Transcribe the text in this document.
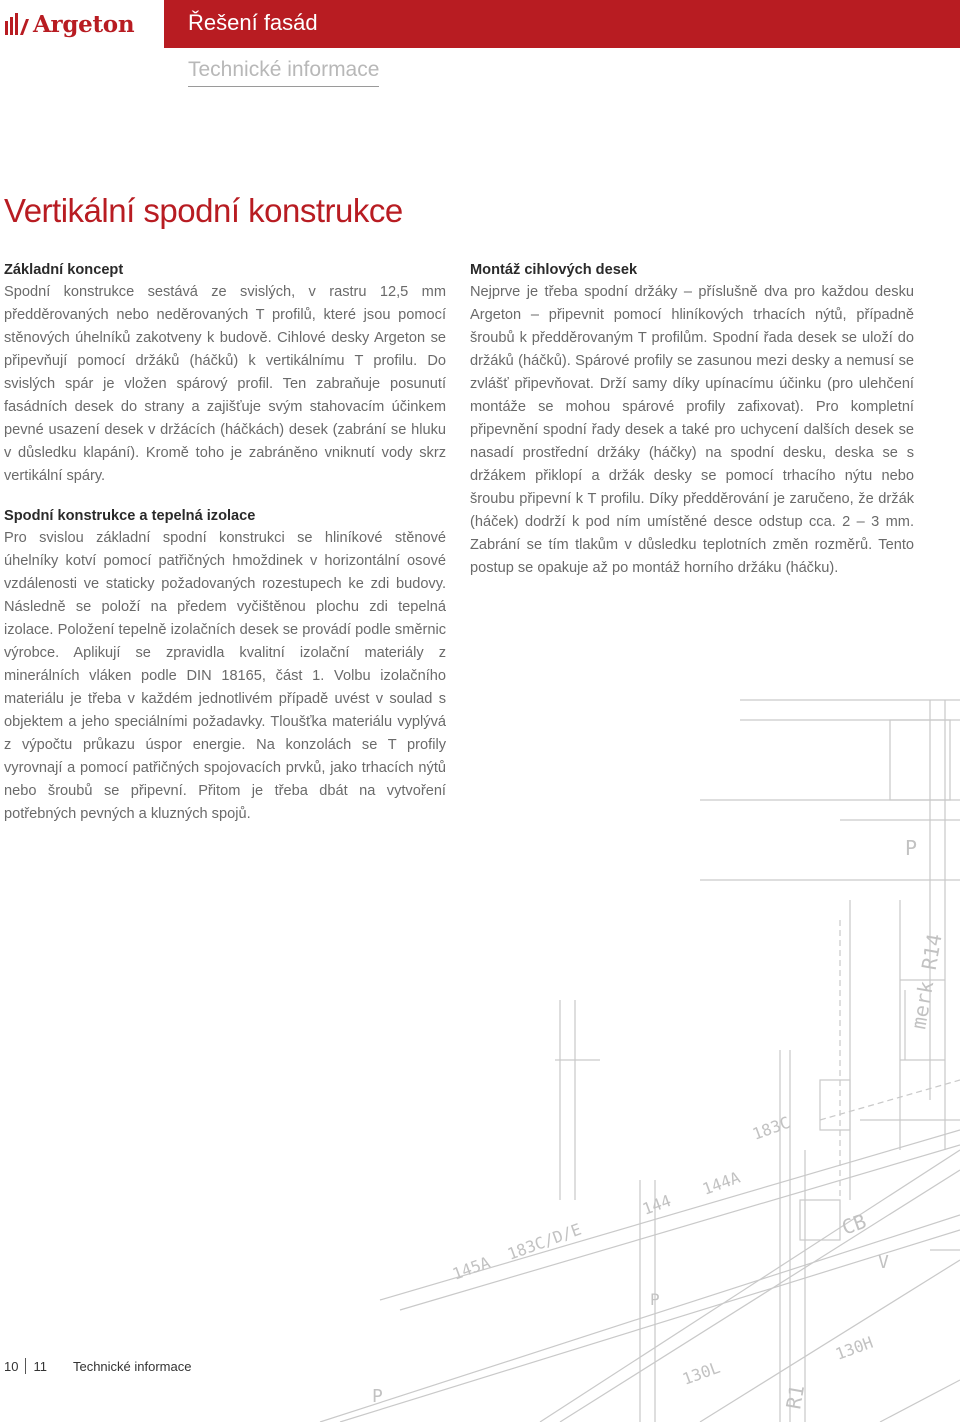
P
merk R14
183C
144A
144
CB
V
145A
183C/D/E
P
130L
130H
R1
P
Argeton Řešení fasád
Technické informace
Vertikální spodní konstrukce
Základní koncept

Spodní konstrukce sestává ze svislých, v rastru 12,5 mm předděrovaných nebo neděrovaných T profilů, které jsou pomocí stěnových úhelníků zakotveny k budově. Cihlové desky Argeton se připevňují pomocí držáků (háčků) k vertikálnímu T profilu. Do svislých spár je vložen spárový profil. Ten zabraňuje posunutí fasádních desek do strany a zajišťuje svým stahovacím účinkem pevné usazení desek v držácích (háčkách) desek (zabrání se hluku v důsledku klapání). Kromě toho je zabráněno vniknutí vody skrz vertikální spáry.

Spodní konstrukce a tepelná izolace

Pro svislou základní spodní konstrukci se hliníkové stěnové úhelníky kotví pomocí patřičných hmoždinek v horizontální osové vzdálenosti ve staticky požadovaných rozestupech ke zdi budovy. Následně se položí na předem vyčištěnou plochu zdi tepelná izolace. Položení tepelně izolačních desek se provádí podle směrnic výrobce. Aplikují se zpravidla kvalitní izolační materiály z minerálních vláken podle DIN 18165, část 1. Volbu izolačního materiálu je třeba v každém jednotlivém případě uvést v soulad s objektem a jeho speciálními požadavky. Tloušťka materiálu vyplývá z výpočtu průkazu úspor energie. Na konzolách se T profily vyrovnají a pomocí patřičných spojovacích prvků, jako trhacích nýtů nebo šroubů se připevní. Přitom je třeba dbát na vytvoření potřebných pevných a kluzných spojů.

Montáž cihlových desek

Nejprve je třeba spodní držáky – příslušně dva pro každou desku Argeton – připevnit pomocí hliníkových trhacích nýtů, případně šroubů k předděrovaným T profilům. Spodní řada desek se uloží do držáků (háčků). Spárové profily se zasunou mezi desky a nemusí se zvlášť připevňovat. Drží samy díky upínacímu účinku (pro ulehčení montáže se mohou spárové profily zafixovat). Pro kompletní připevnění spodní řady desek a také pro uchycení dalších desek se nasadí prostřední držáky (háčky) na spodní desku, deska se s držákem přiklopí a držák desky se pomocí trhacího nýtu nebo šroubu připevní k T profilu. Díky předděrování je zaručeno, že držák (háček) dodrží k pod ním umístěné desce odstup cca. 2 – 3 mm. Zabrání se tím tlakům v důsledku teplotních změn rozměrů. Tento postup se opakuje až po montáž horního držáku (háčku).

10 11 Technické informace
